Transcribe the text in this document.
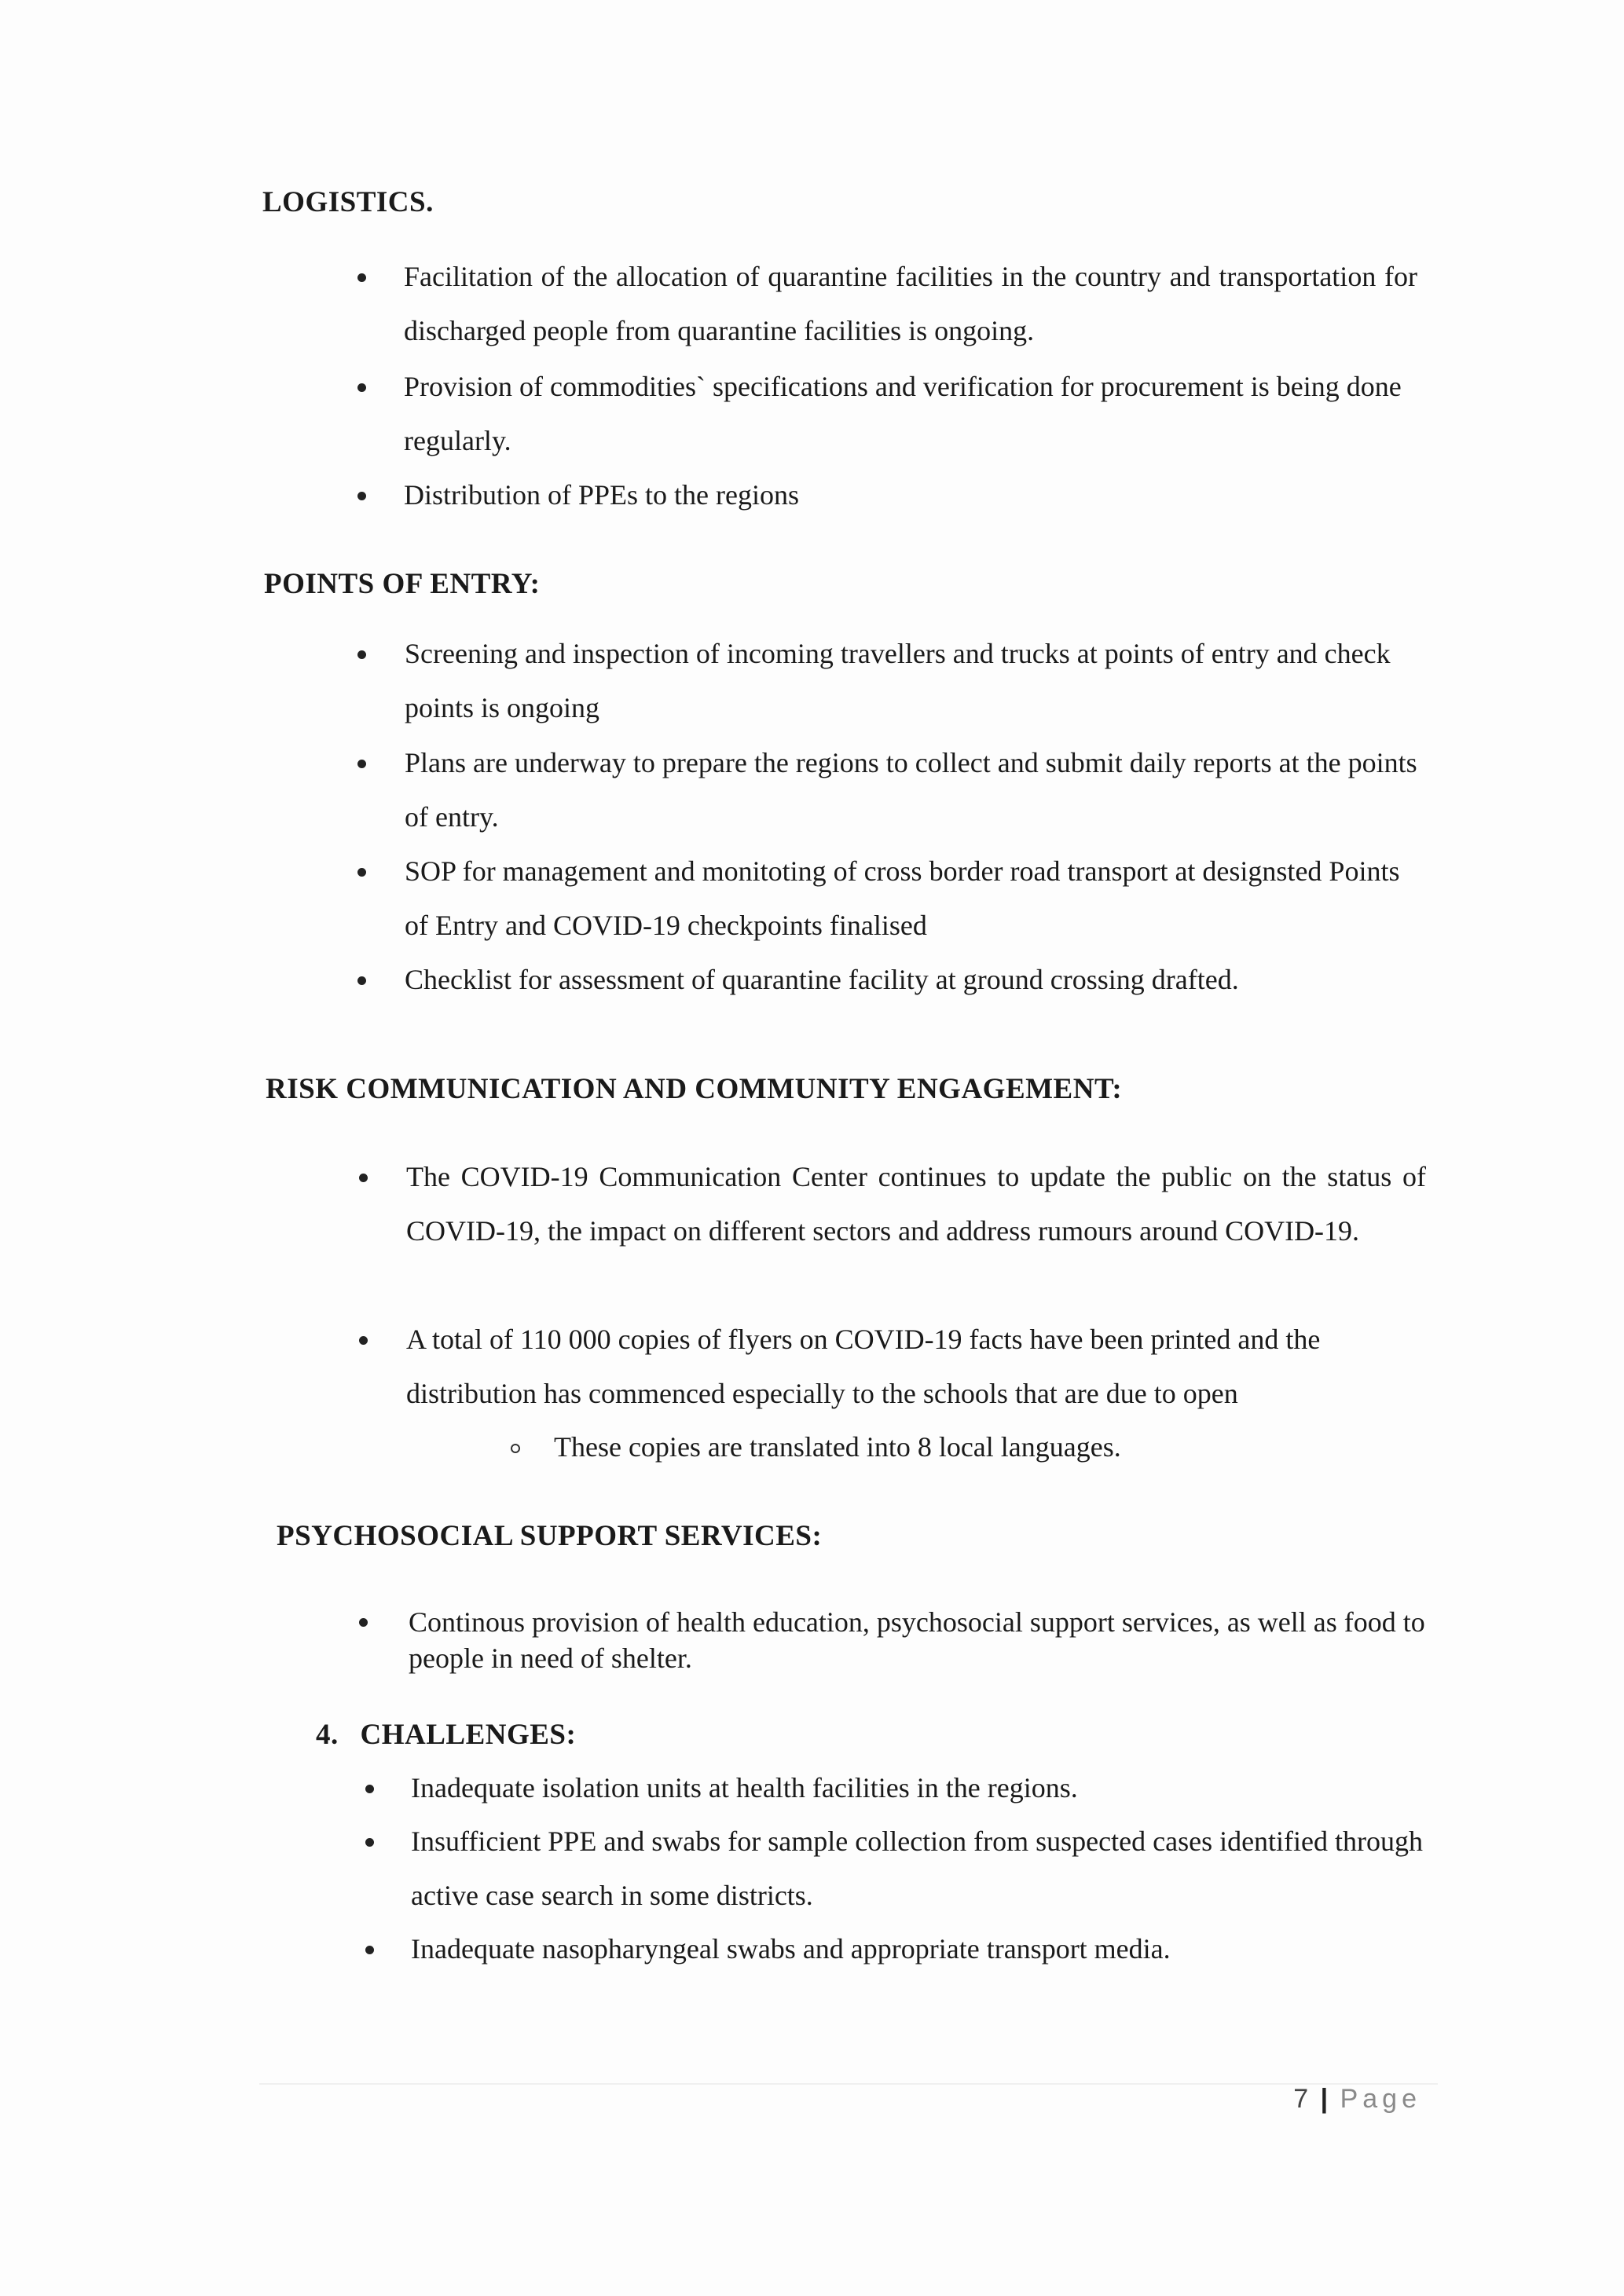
LOGISTICS.
Facilitation of the allocation of quarantine facilities in the country and transportation for discharged people from quarantine facilities is ongoing.
Provision of commodities` specifications and verification for procurement is being done regularly.
Distribution of PPEs to the regions
POINTS OF ENTRY:
Screening and inspection of incoming travellers and trucks at points of entry and check points is ongoing
Plans are underway to prepare the regions to collect and submit daily reports at the points of entry.
SOP for management and monitoting of cross border road transport at designsted Points of Entry and COVID-19 checkpoints finalised
Checklist for assessment of quarantine facility at ground crossing drafted.
RISK COMMUNICATION AND COMMUNITY ENGAGEMENT:
The COVID-19 Communication Center continues to update the public on the status of COVID-19, the impact on different sectors and address rumours around COVID-19.
A total of 110 000 copies of flyers on COVID-19 facts have been printed and the distribution has commenced especially to the schools that are due to open
These copies are translated into 8 local languages.
PSYCHOSOCIAL SUPPORT SERVICES:
Continous provision of health education, psychosocial support services, as well as food to people in need of shelter.
4. CHALLENGES:
Inadequate isolation units at health facilities in the regions.
Insufficient PPE and swabs for sample collection from suspected cases identified through active case search in some districts.
Inadequate nasopharyngeal swabs and appropriate transport media.
7 | Page
